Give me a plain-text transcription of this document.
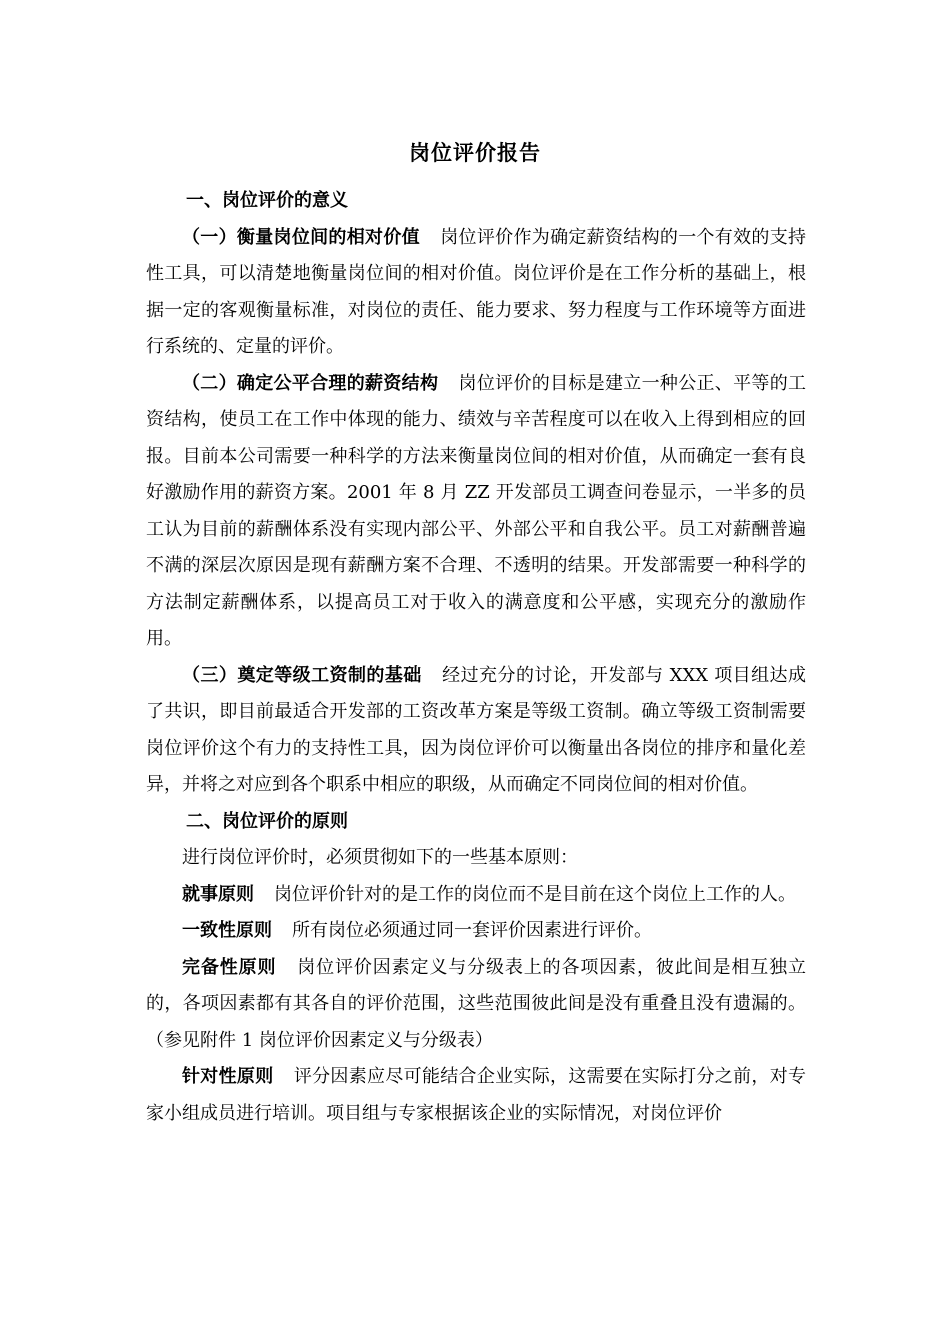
岗位评价报告

一、岗位评价的意义

（一）衡量岗位间的相对价值 岗位评价作为确定薪资结构的一个有效的支持性工具，可以清楚地衡量岗位间的相对价值。岗位评价是在工作分析的基础上，根据一定的客观衡量标准，对岗位的责任、能力要求、努力程度与工作环境等方面进行系统的、定量的评价。

（二）确定公平合理的薪资结构 岗位评价的目标是建立一种公正、平等的工资结构，使员工在工作中体现的能力、绩效与辛苦程度可以在收入上得到相应的回报。目前本公司需要一种科学的方法来衡量岗位间的相对价值，从而确定一套有良好激励作用的薪资方案。2001 年 8 月 ZZ 开发部员工调查问卷显示，一半多的员工认为目前的薪酬体系没有实现内部公平、外部公平和自我公平。员工对薪酬普遍不满的深层次原因是现有薪酬方案不合理、不透明的结果。开发部需要一种科学的方法制定薪酬体系，以提高员工对于收入的满意度和公平感，实现充分的激励作用。

（三）奠定等级工资制的基础 经过充分的讨论，开发部与 XXX 项目组达成了共识，即目前最适合开发部的工资改革方案是等级工资制。确立等级工资制需要岗位评价这个有力的支持性工具，因为岗位评价可以衡量出各岗位的排序和量化差异，并将之对应到各个职系中相应的职级，从而确定不同岗位间的相对价值。

二、岗位评价的原则

进行岗位评价时，必须贯彻如下的一些基本原则：

就事原则 岗位评价针对的是工作的岗位而不是目前在这个岗位上工作的人。

一致性原则 所有岗位必须通过同一套评价因素进行评价。

完备性原则 岗位评价因素定义与分级表上的各项因素，彼此间是相互独立的，各项因素都有其各自的评价范围，这些范围彼此间是没有重叠且没有遗漏的。（参见附件 1 岗位评价因素定义与分级表）

针对性原则 评分因素应尽可能结合企业实际，这需要在实际打分之前，对专家小组成员进行培训。项目组与专家根据该企业的实际情况，对岗位评价
